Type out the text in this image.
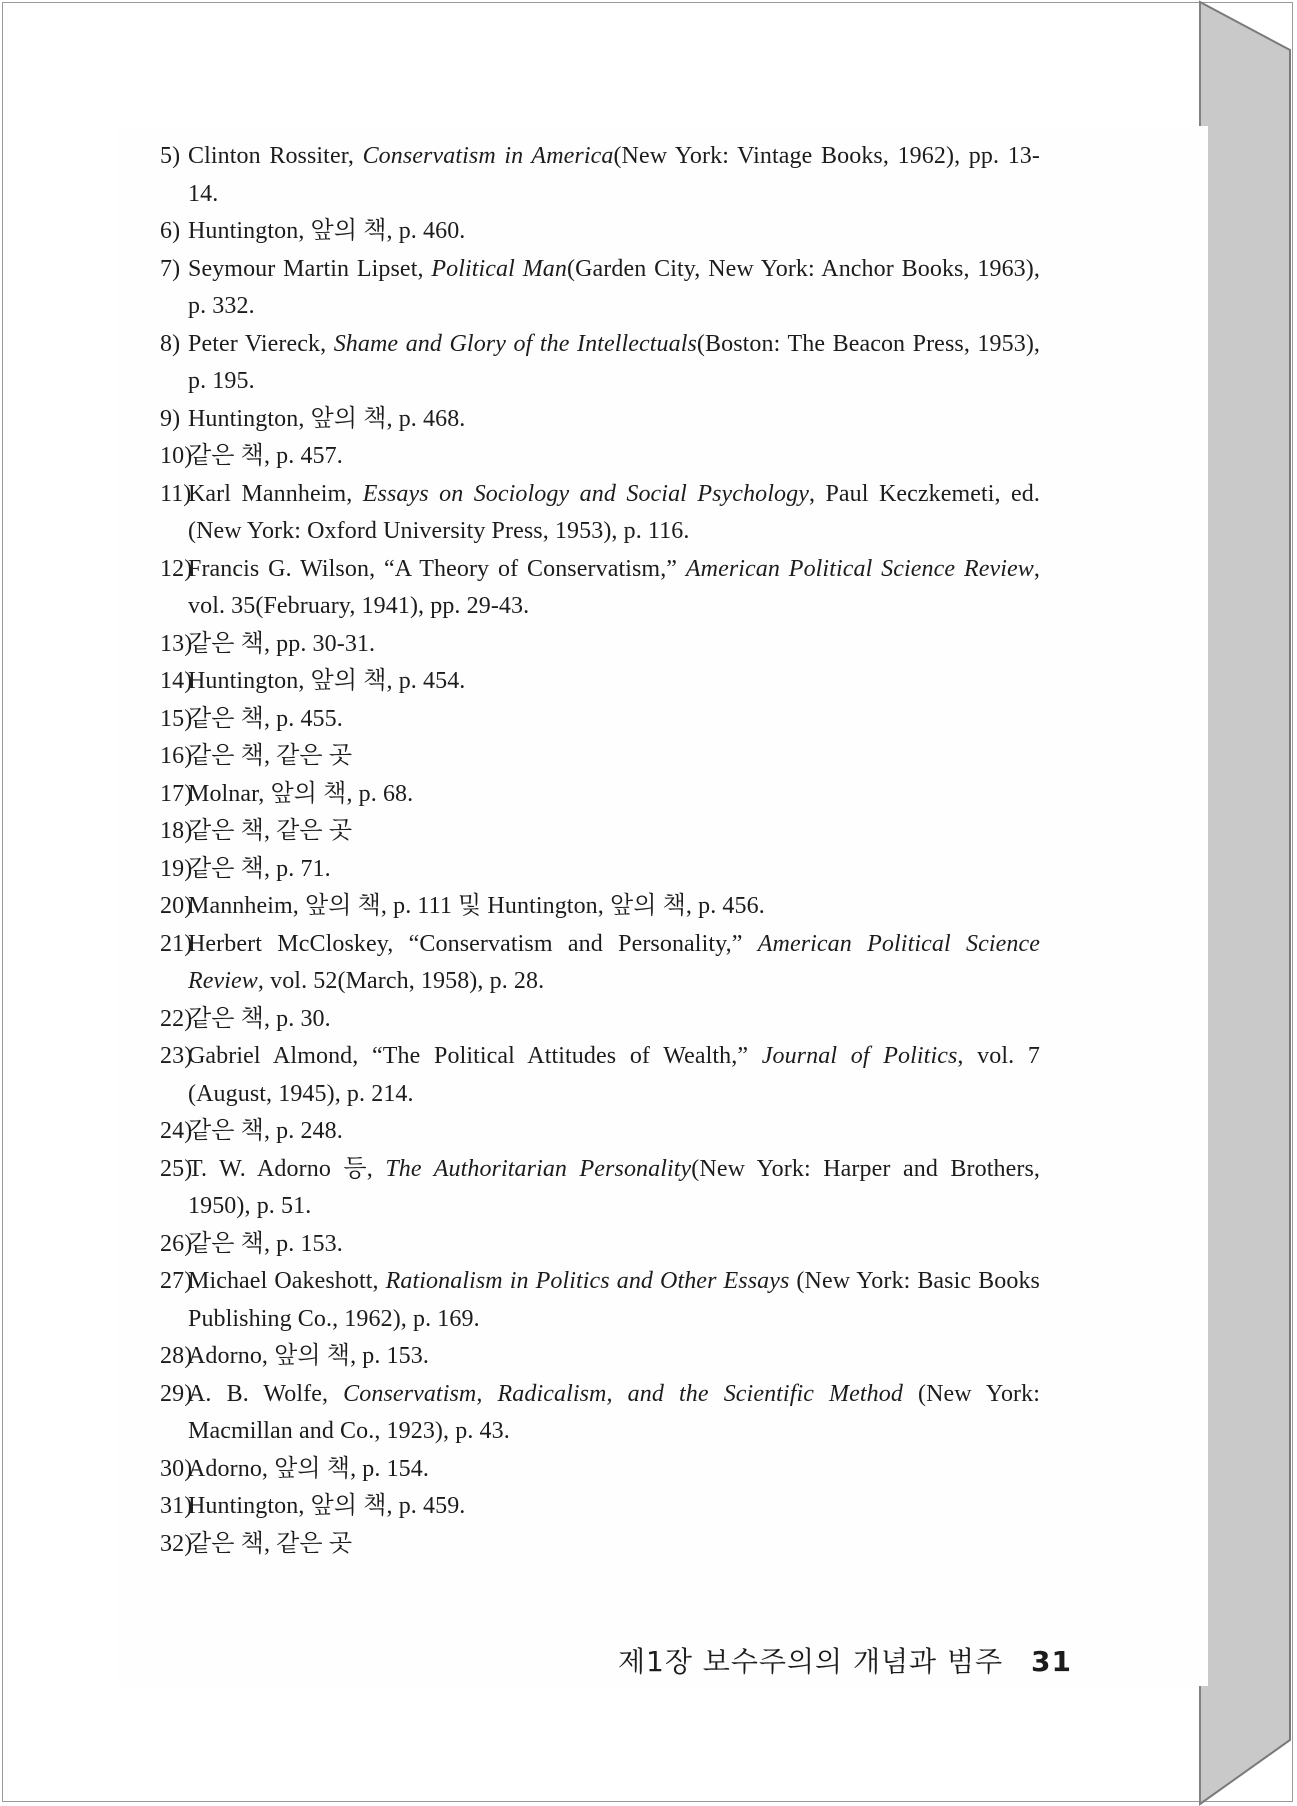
5) Clinton Rossiter, Conservatism in America(New York: Vintage Books, 1962), pp. 13-14.
6) Huntington, 앞의 책, p. 460.
7) Seymour Martin Lipset, Political Man(Garden City, New York: Anchor Books, 1963), p. 332.
8) Peter Viereck, Shame and Glory of the Intellectuals(Boston: The Beacon Press, 1953), p. 195.
9) Huntington, 앞의 책, p. 468.
10)
같은 책, p. 457.
11)
Karl Mannheim, Essays on Sociology and Social Psychology, Paul Keczkemeti, ed. (New York: Oxford University Press, 1953), p. 116.
12)
Francis G. Wilson, “A Theory of Conservatism,” American Political Science Review, vol. 35(February, 1941), pp. 29-43.
13)
같은 책, pp. 30-31.
14)
Huntington, 앞의 책, p. 454.
15)
같은 책, p. 455.
16)
같은 책, 같은 곳
17)
Molnar, 앞의 책, p. 68.
18)
같은 책, 같은 곳
19)
같은 책, p. 71.
20)
Mannheim, 앞의 책, p. 111 및 Huntington, 앞의 책, p. 456.
21)
Herbert McCloskey, “Conservatism and Personality,” American Political Science Review, vol. 52(March, 1958), p. 28.
22)
같은 책, p. 30.
23)
Gabriel Almond, “The Political Attitudes of Wealth,” Journal of Politics, vol. 7 (August, 1945), p. 214.
24)
같은 책, p. 248.
25)
T. W. Adorno 등, The Authoritarian Personality(New York: Harper and Brothers, 1950), p. 51.
26)
같은 책, p. 153.
27)
Michael Oakeshott, Rationalism in Politics and Other Essays (New York: Basic Books Publishing Co., 1962), p. 169.
28)
Adorno, 앞의 책, p. 153.
29)
A. B. Wolfe, Conservatism, Radicalism, and the Scientific Method (New York: Macmillan and Co., 1923), p. 43.
30)
Adorno, 앞의 책, p. 154.
31)
Huntington, 앞의 책, p. 459.
32)
같은 책, 같은 곳
제1장 보수주의의 개념과 범주 31
